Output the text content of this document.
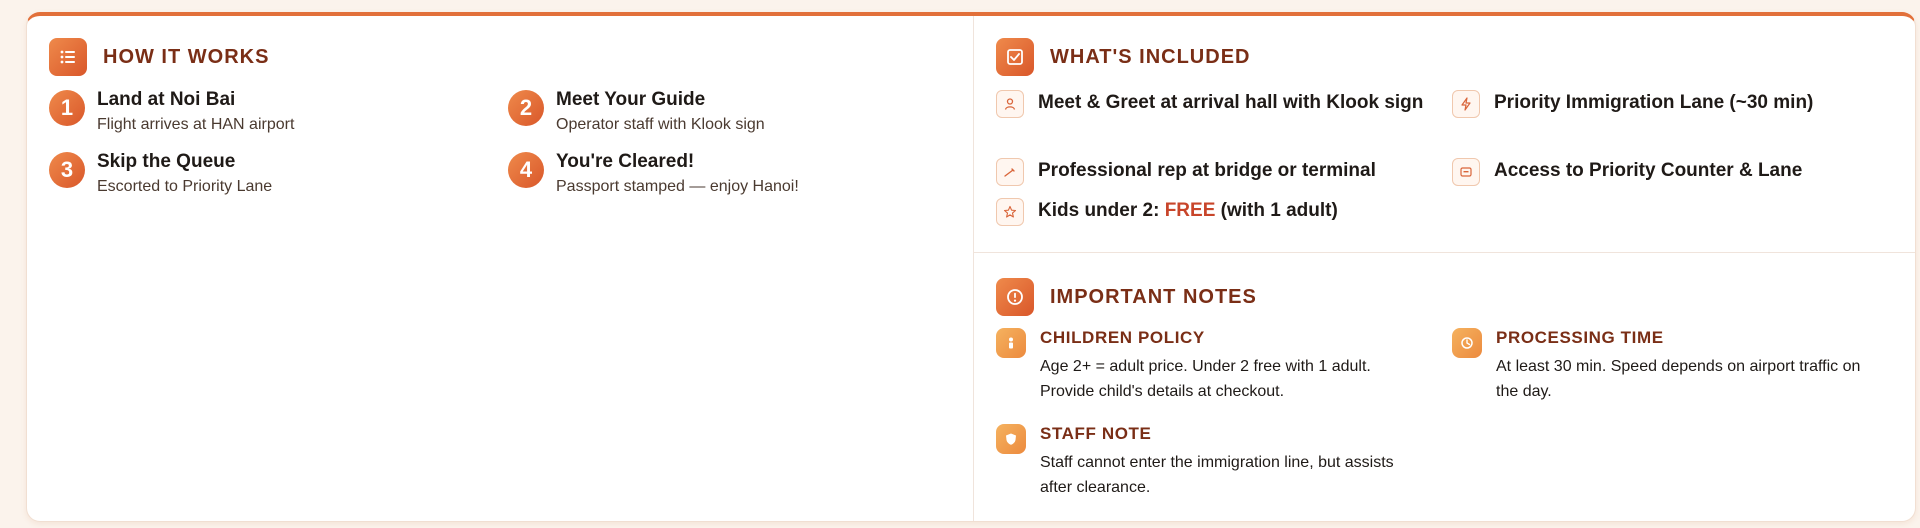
HOW IT WORKS
1	Land at Noi Bai
Flight arrives at HAN airport
2	Meet Your Guide
Operator staff with Klook sign
3	Skip the Queue
Escorted to Priority Lane
4	You're Cleared!
Passport stamped — enjoy Hanoi!
WHAT'S INCLUDED
Meet & Greet at arrival hall with Klook sign	Priority Immigration Lane (~30 min)
Professional rep at bridge or terminal	Access to Priority Counter & Lane
Kids under 2: FREE (with 1 adult)
IMPORTANT NOTES
CHILDREN POLICY
Age 2+ = adult price. Under 2 free with 1 adult. Provide child's details at checkout.
PROCESSING TIME
At least 30 min. Speed depends on airport traffic on the day.
STAFF NOTE
Staff cannot enter the immigration line, but assists after clearance.
